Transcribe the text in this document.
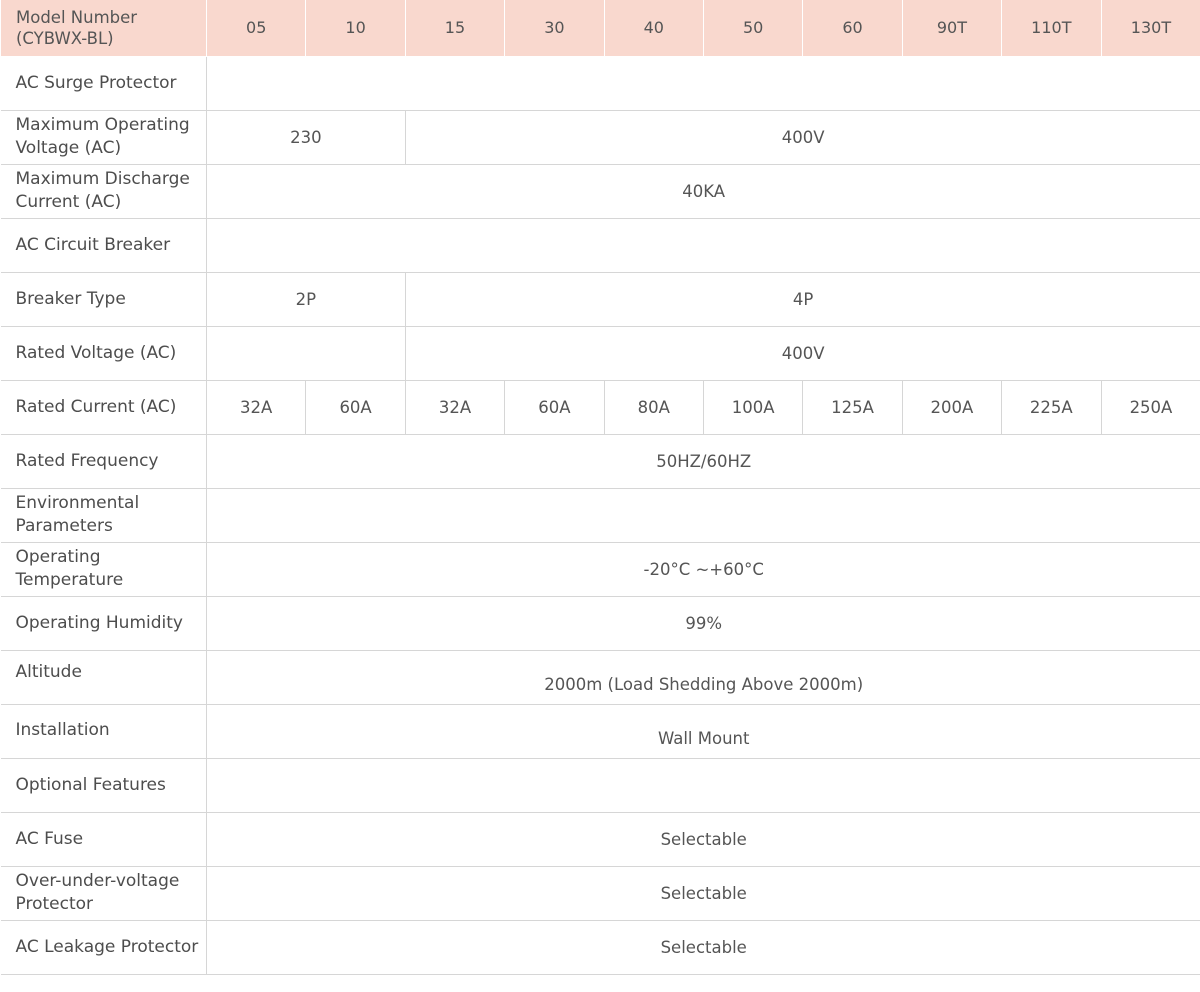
Model Number
(CYBWX-BL)	05	10	15	30	40	50	60	90T	110T	130T
AC Surge Protector										
Maximum Operating Voltage (AC)	230		400V							
Maximum Discharge Current (AC)	40KA									
AC Circuit Breaker										
Breaker Type	2P		4P							
Rated Voltage (AC)			400V							
Rated Current (AC)	32A	60A	32A	60A	80A	100A	125A	200A	225A	250A
Rated Frequency	50HZ/60HZ									
Environmental Parameters										
Operating Temperature	-20°C ~+60°C									
Operating Humidity	99%									
Altitude	2000m (Load Shedding Above 2000m)									
Installation	Wall Mount									
Optional Features										
AC Fuse	Selectable									
Over-under-voltage Protector	Selectable									
AC Leakage Protector	Selectable									
